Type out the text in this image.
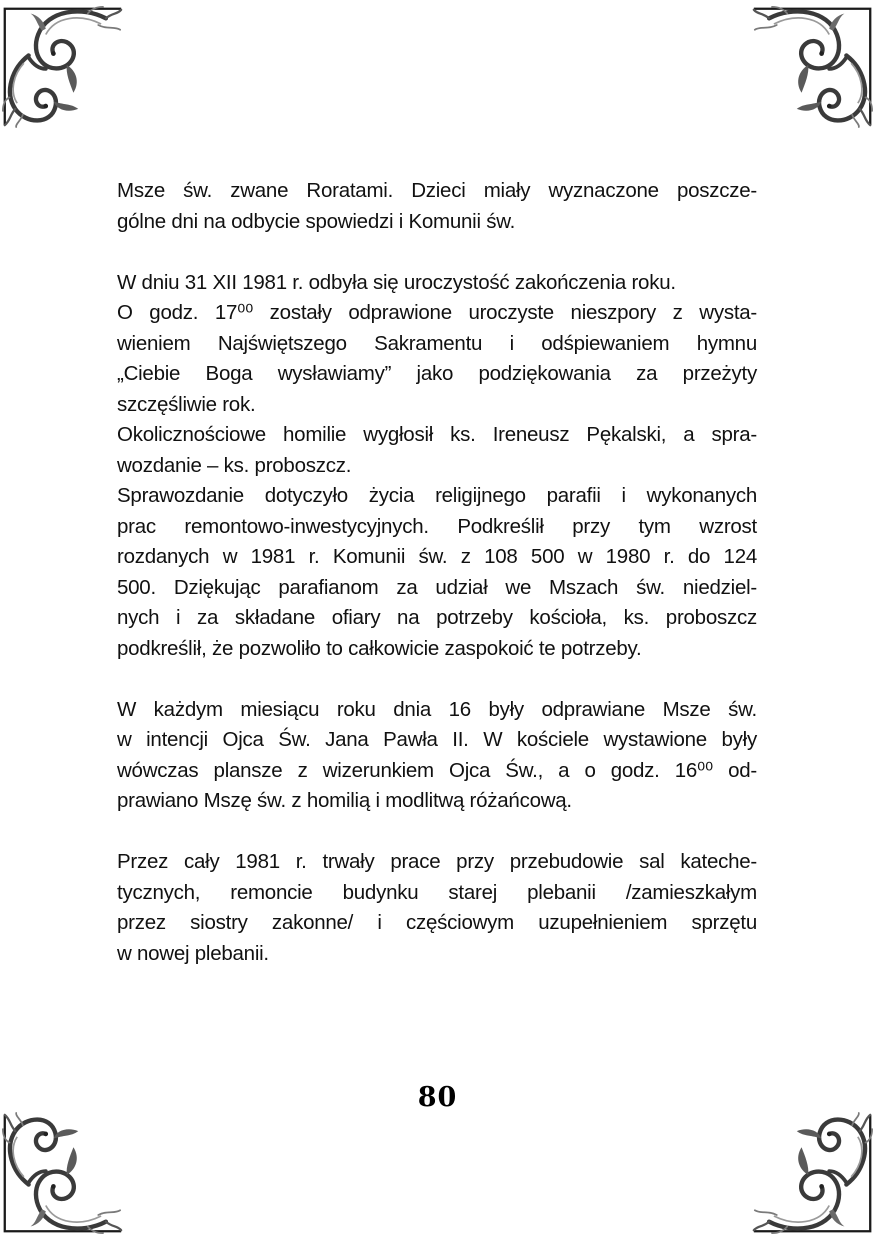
Msze św. zwane Roratami. Dzieci miały wyznaczone poszcze-
gólne dni na odbycie spowiedzi i Komunii św.
W dniu 31 XII 1981 r. odbyła się uroczystość zakończenia roku.
O godz. 17⁰⁰ zostały odprawione uroczyste nieszpory z wysta-
wieniem Najświętszego Sakramentu i odśpiewaniem hymnu
„Ciebie Boga wysławiamy” jako podziękowania za przeżyty
szczęśliwie rok.
Okolicznościowe homilie wygłosił ks. Ireneusz Pękalski, a spra-
wozdanie – ks. proboszcz.
Sprawozdanie dotyczyło życia religijnego parafii i wykonanych
prac remontowo-inwestycyjnych. Podkreślił przy tym wzrost
rozdanych w 1981 r. Komunii św. z 108 500 w 1980 r. do 124
500. Dziękując parafianom za udział we Mszach św. niedziel-
nych i za składane ofiary na potrzeby kościoła, ks. proboszcz
podkreślił, że pozwoliło to całkowicie zaspokoić te potrzeby.
W każdym miesiącu roku dnia 16 były odprawiane Msze św.
w intencji Ojca Św. Jana Pawła II. W kościele wystawione były
wówczas plansze z wizerunkiem Ojca Św., a o godz. 16⁰⁰ od-
prawiano Mszę św. z homilią i modlitwą różańcową.
Przez cały 1981 r. trwały prace przy przebudowie sal kateche-
tycznych, remoncie budynku starej plebanii /zamieszkałym
przez siostry zakonne/ i częściowym uzupełnieniem sprzętu
w nowej plebanii.
80
